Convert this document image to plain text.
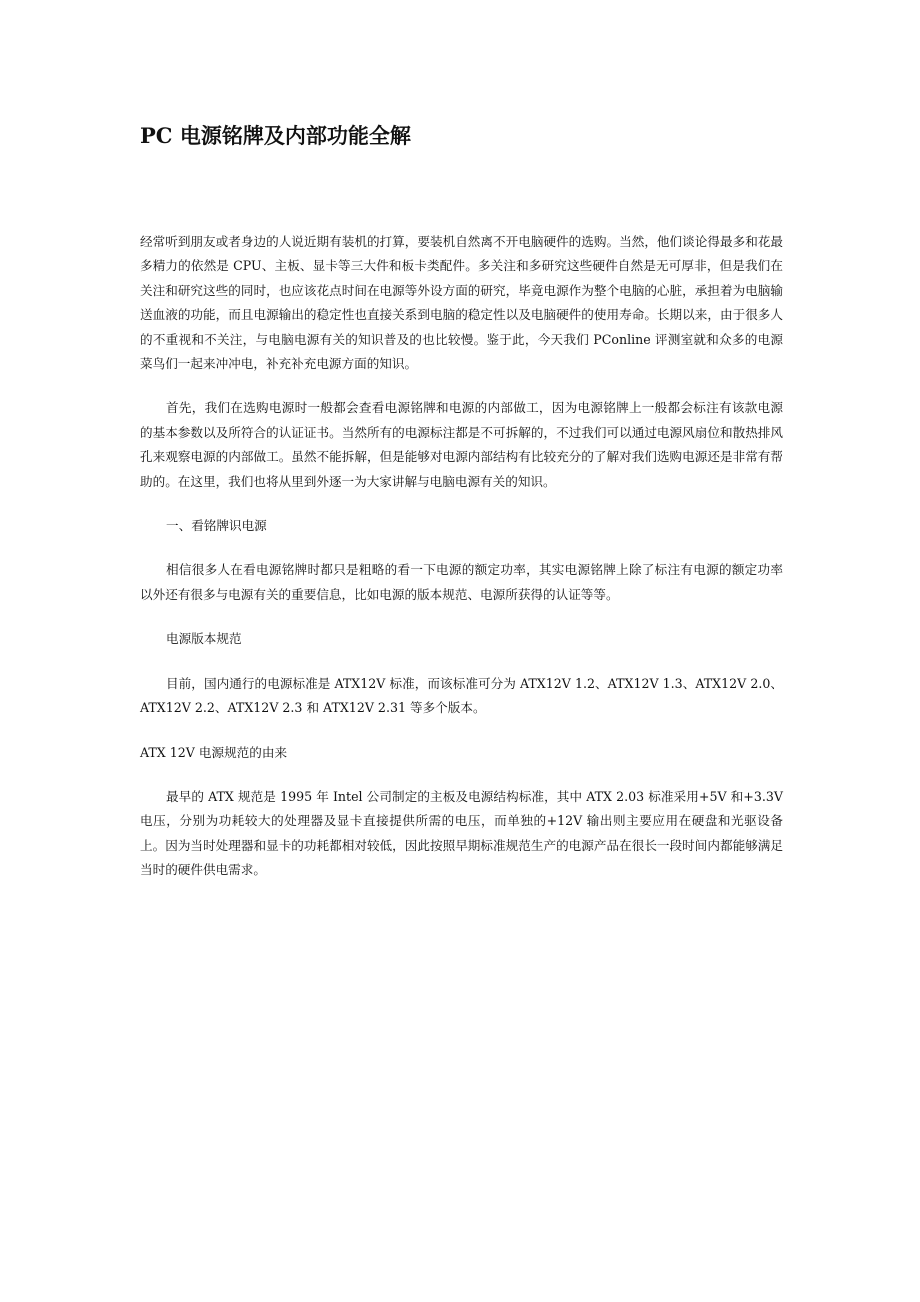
PC 电源铭牌及内部功能全解

经常听到朋友或者身边的人说近期有装机的打算，要装机自然离不开电脑硬件的选购。当然，他们谈论得最多和花最多精力的依然是 CPU、主板、显卡等三大件和板卡类配件。多关注和多研究这些硬件自然是无可厚非，但是我们在关注和研究这些的同时，也应该花点时间在电源等外设方面的研究，毕竟电源作为整个电脑的心脏，承担着为电脑输送血液的功能，而且电源输出的稳定性也直接关系到电脑的稳定性以及电脑硬件的使用寿命。长期以来，由于很多人的不重视和不关注，与电脑电源有关的知识普及的也比较慢。鉴于此，今天我们 PConline 评测室就和众多的电源菜鸟们一起来冲冲电，补充补充电源方面的知识。

首先，我们在选购电源时一般都会查看电源铭牌和电源的内部做工，因为电源铭牌上一般都会标注有该款电源的基本参数以及所符合的认证证书。当然所有的电源标注都是不可拆解的，不过我们可以通过电源风扇位和散热排风孔来观察电源的内部做工。虽然不能拆解，但是能够对电源内部结构有比较充分的了解对我们选购电源还是非常有帮助的。在这里，我们也将从里到外逐一为大家讲解与电脑电源有关的知识。

一、看铭牌识电源

相信很多人在看电源铭牌时都只是粗略的看一下电源的额定功率，其实电源铭牌上除了标注有电源的额定功率以外还有很多与电源有关的重要信息，比如电源的版本规范、电源所获得的认证等等。

电源版本规范

目前，国内通行的电源标准是 ATX12V 标准，而该标准可分为 ATX12V 1.2、ATX12V 1.3、ATX12V 2.0、ATX12V 2.2、ATX12V 2.3 和 ATX12V 2.31 等多个版本。

ATX 12V 电源规范的由来

最早的 ATX 规范是 1995 年 Intel 公司制定的主板及电源结构标准，其中 ATX 2.03 标准采用+5V 和+3.3V 电压，分别为功耗较大的处理器及显卡直接提供所需的电压，而单独的+12V 输出则主要应用在硬盘和光驱设备上。因为当时处理器和显卡的功耗都相对较低，因此按照早期标准规范生产的电源产品在很长一段时间内都能够满足当时的硬件供电需求。
